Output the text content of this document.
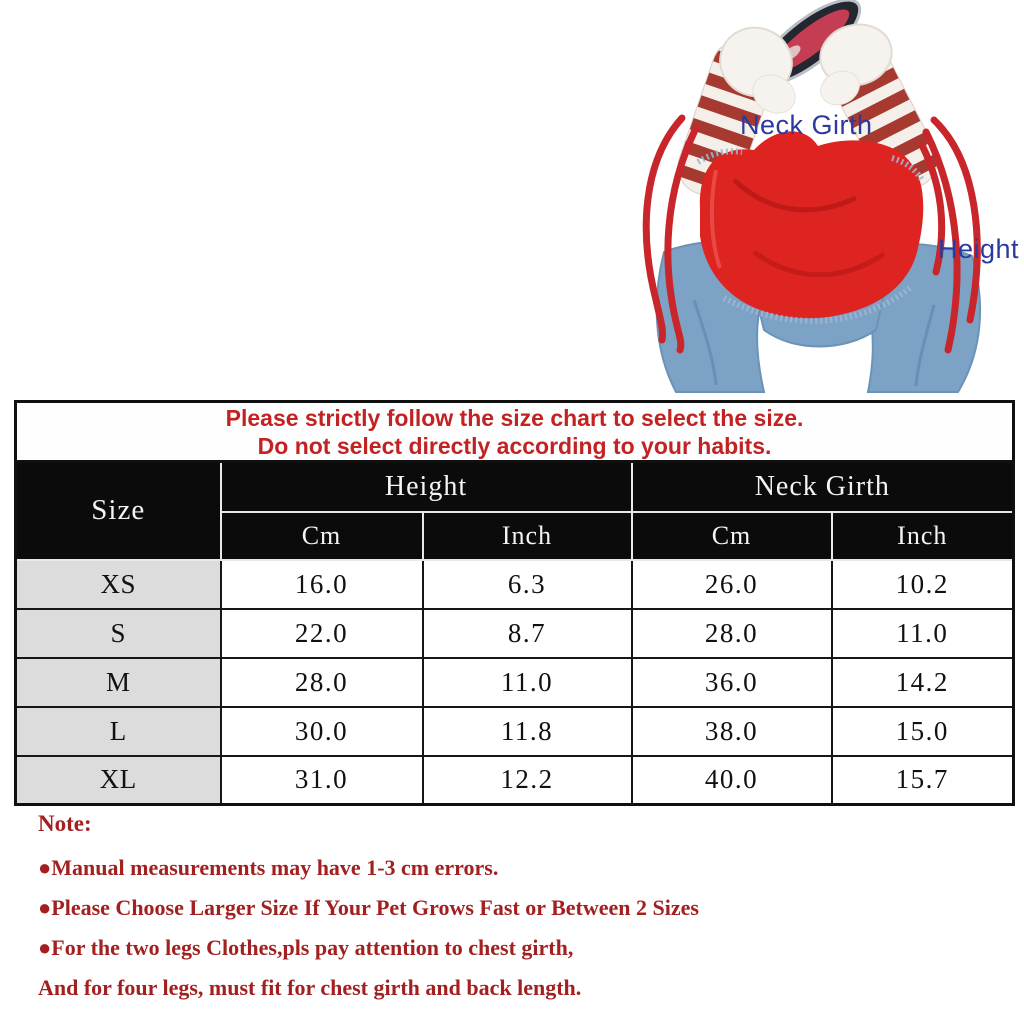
Neck Girth
Height
Please strictly follow the size chart to select the size.
Do not select directly according to your habits.				

Size	Height		Neck Girth	
	Cm	Inch	Cm	Inch
XS	16.0	6.3	26.0	10.2
S	22.0	8.7	28.0	11.0
M	28.0	11.0	36.0	14.2
L	30.0	11.8	38.0	15.0
XL	31.0	12.2	40.0	15.7

Note:

●Manual measurements may have 1-3 cm errors.

●Please Choose Larger Size If Your Pet Grows Fast or Between 2 Sizes

●For the two legs Clothes,pls pay attention to chest girth,

And for four legs, must fit for chest girth and back length.
